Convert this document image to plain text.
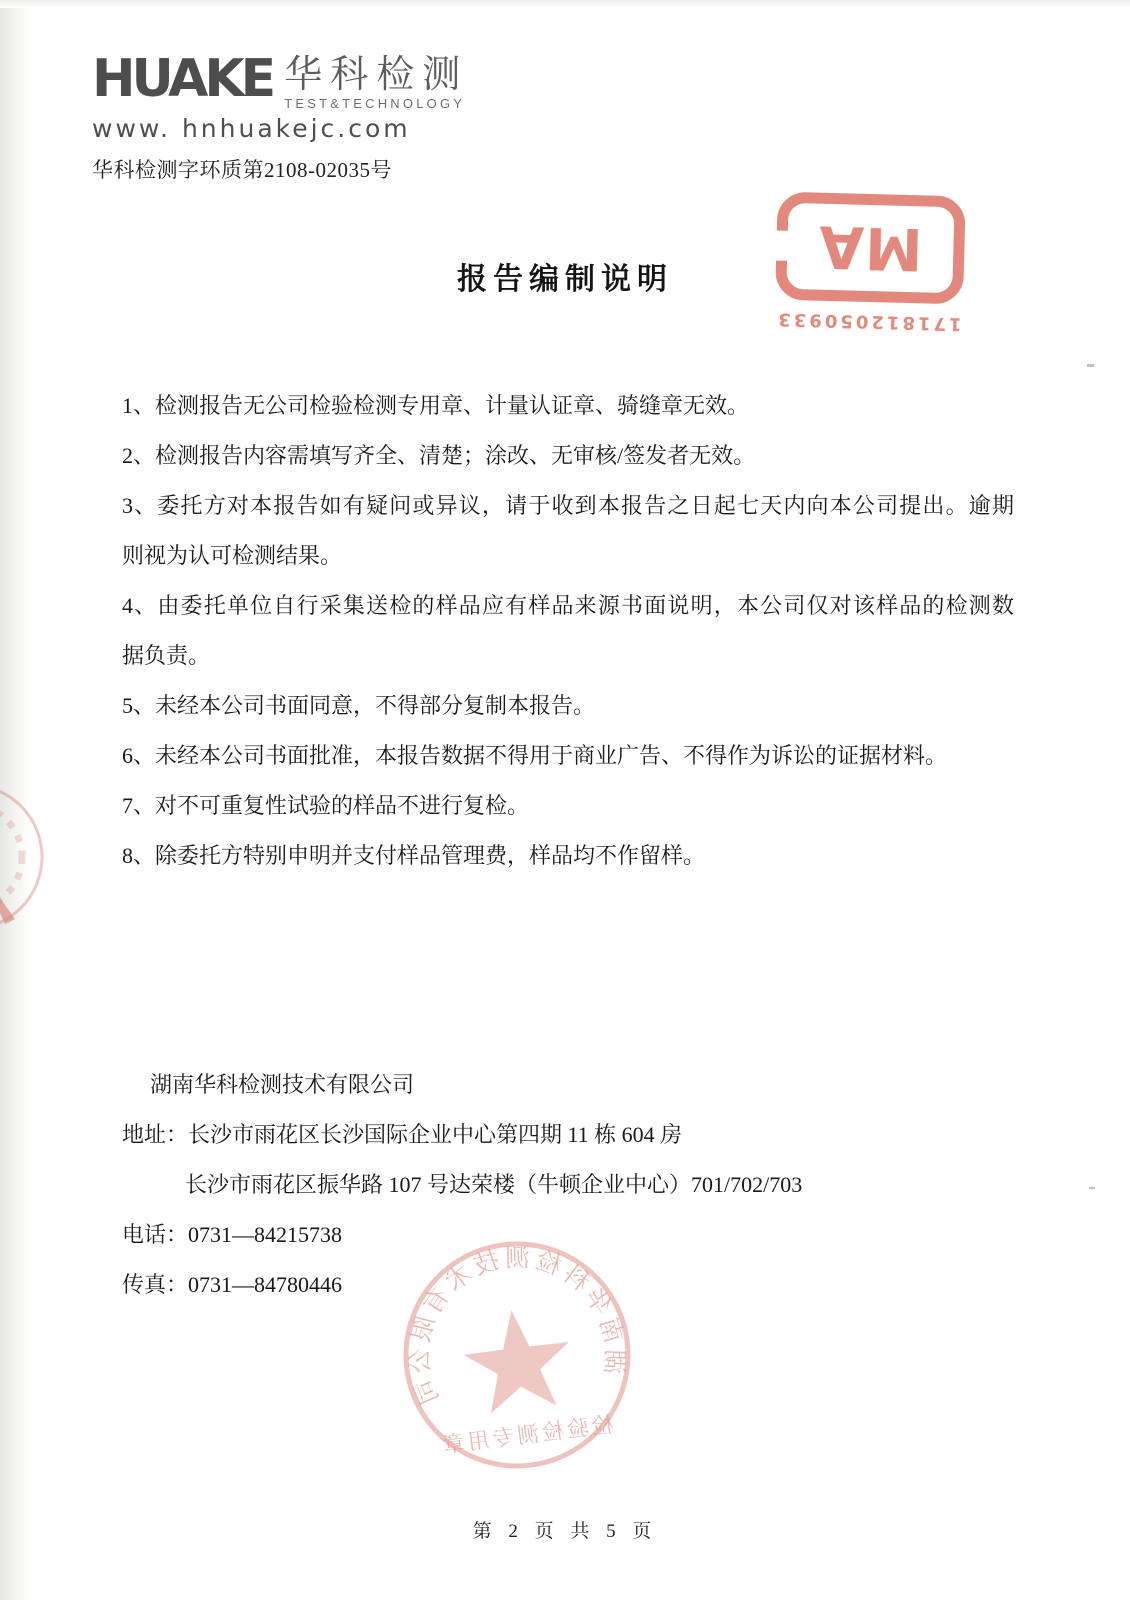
HUAKE 华科检测
TEST&TECHNOLOGY
www. hnhuakejc.com
华科检测字环质第2108-02035号
报告编制说明
171812050933
MA
1、检测报告无公司检验检测专用章、计量认证章、骑缝章无效。
2、检测报告内容需填写齐全、清楚；涂改、无审核/签发者无效。
3、委托方对本报告如有疑问或异议，请于收到本报告之日起七天内向本公司提出。逾期
则视为认可检测结果。
4、由委托单位自行采集送检的样品应有样品来源书面说明，本公司仅对该样品的检测数
据负责。
5、未经本公司书面同意，不得部分复制本报告。
6、未经本公司书面批准，本报告数据不得用于商业广告、不得作为诉讼的证据材料。
7、对不可重复性试验的样品不进行复检。
8、除委托方特别申明并支付样品管理费，样品均不作留样。
湖南华科检测技术有限公司
地址：长沙市雨花区长沙国际企业中心第四期 11 栋 604 房
长沙市雨花区振华路 107 号达荣楼（牛顿企业中心）701/702/703
电话：0731—84215738
传真：0731—84780446
湖南华科检测技术有限公司
检验检测专用章
第 2 页 共 5 页
